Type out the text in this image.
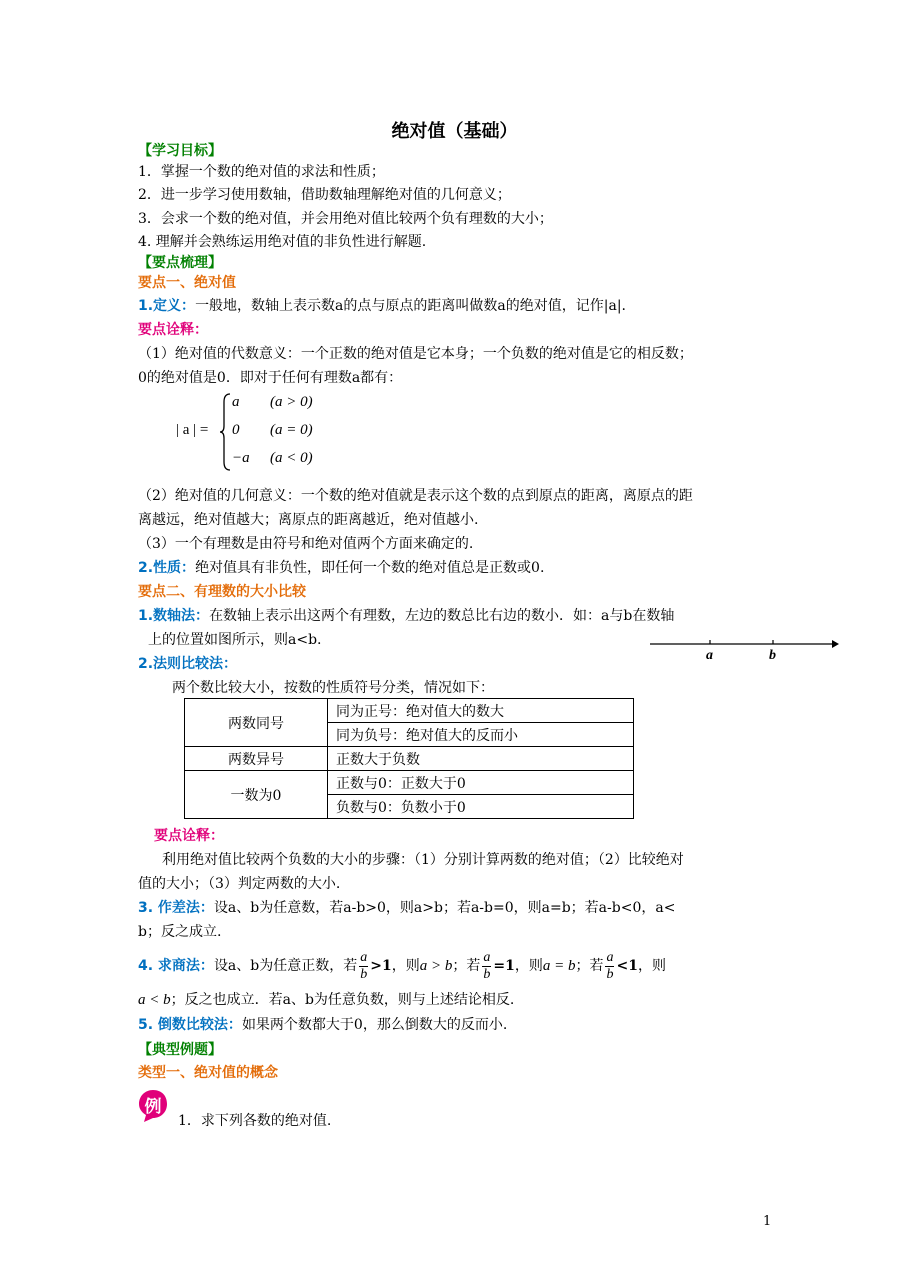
绝对值（基础）
【学习目标】
1．掌握一个数的绝对值的求法和性质；
2．进一步学习使用数轴，借助数轴理解绝对值的几何意义；
3．会求一个数的绝对值，并会用绝对值比较两个负有理数的大小；
4. 理解并会熟练运用绝对值的非负性进行解题.
【要点梳理】
要点一、绝对值
1.定义：一般地，数轴上表示数a的点与原点的距离叫做数a的绝对值，记作|a|.
要点诠释：
（1）绝对值的代数意义：一个正数的绝对值是它本身；一个负数的绝对值是它的相反数；
0的绝对值是0．即对于任何有理数a都有：
| a | =
a (a > 0)
0 (a = 0)
−a (a < 0)
（2）绝对值的几何意义：一个数的绝对值就是表示这个数的点到原点的距离，离原点的距
离越远，绝对值越大；离原点的距离越近，绝对值越小.
（3）一个有理数是由符号和绝对值两个方面来确定的.
2.性质：绝对值具有非负性，即任何一个数的绝对值总是正数或0.
要点二、有理数的大小比较
1.数轴法：在数轴上表示出这两个有理数，左边的数总比右边的数小．如：a与b在数轴
上的位置如图所示，则a<b.
a	b
2.法则比较法：
两个数比较大小，按数的性质符号分类，情况如下：
两数同号	同为正号：绝对值大的数大
	同为负号：绝对值大的反而小
两数异号	正数大于负数
一数为0	正数与0：正数大于0
	负数与0：负数小于0
要点诠释：
利用绝对值比较两个负数的大小的步骤：（1）分别计算两数的绝对值；（2）比较绝对
值的大小；（3）判定两数的大小.
3. 作差法：设a、b为任意数，若a-b>0，则a>b；若a-b=0，则a=b；若a-b<0，a<
b；反之成立.
4. 求商法：设a、b为任意正数，若 $\frac{a}{b} >1$，则a > b；若 $\frac{a}{b} =1$，则a = b；若 $\frac{a}{b} <1$，则
a < b；反之也成立．若a、b为任意负数，则与上述结论相反.
5. 倒数比较法：如果两个数都大于0，那么倒数大的反而小.
【典型例题】
类型一、绝对值的概念
例
1．求下列各数的绝对值.
1
